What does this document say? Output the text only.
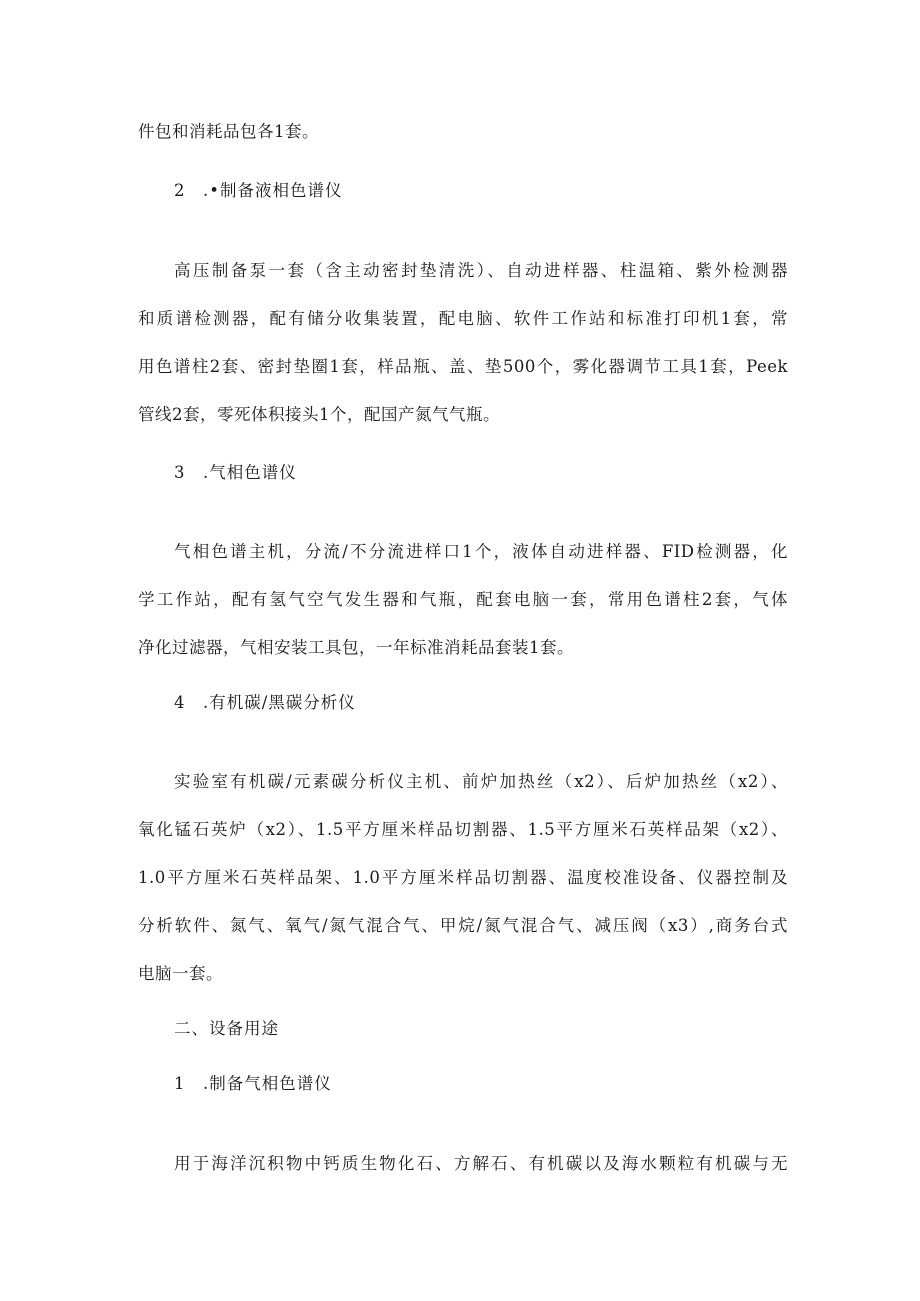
件包和消耗品包各1套。
2　.•制备液相色谱仪
高压制备泵一套（含主动密封垫清洗）、自动进样器、柱温箱、紫外检测器
和质谱检测器，配有储分收集装置，配电脑、软件工作站和标准打印机1套，常
用色谱柱2套、密封垫圈1套，样品瓶、盖、垫500个，雾化器调节工具1套，Peek
管线2套，零死体积接头1个，配国产氮气气瓶。
3　.气相色谱仪
气相色谱主机，分流/不分流进样口1个，液体自动进样器、FID检测器，化
学工作站，配有氢气空气发生器和气瓶，配套电脑一套，常用色谱柱2套，气体
净化过滤器，气相安装工具包，一年标准消耗品套装1套。
4　.有机碳/黑碳分析仪
实验室有机碳/元素碳分析仪主机、前炉加热丝（x2）、后炉加热丝（x2）、
氧化锰石英炉（x2）、1.5平方厘米样品切割器、1.5平方厘米石英样品架（x2）、
1.0平方厘米石英样品架、1.0平方厘米样品切割器、温度校准设备、仪器控制及
分析软件、氮气、氧气/氮气混合气、甲烷/氮气混合气、减压阀（x3）,商务台式
电脑一套。
二、设备用途
1　.制备气相色谱仪
用于海洋沉积物中钙质生物化石、方解石、有机碳以及海水颗粒有机碳与无
